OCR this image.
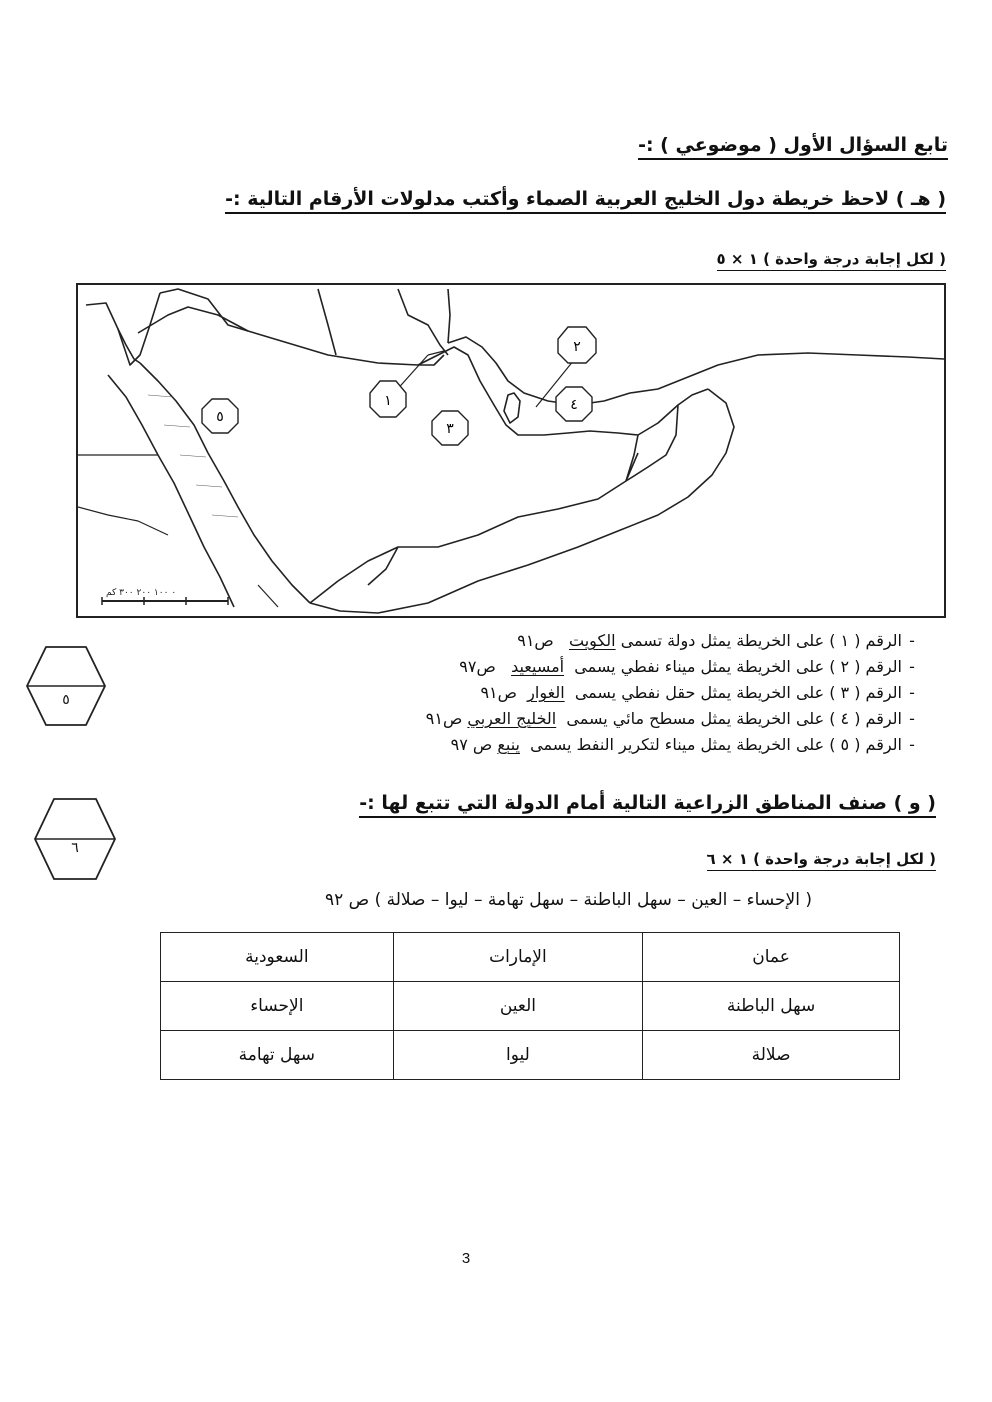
تابع السؤال الأول ( موضوعي ) :-
( هـ ) لاحظ خريطة دول الخليج العربية الصماء وأكتب مدلولات الأرقام التالية :-
( لكل إجابة درجة واحدة ) ١ × ٥
٠ ١٠٠ ٢٠٠ ٣٠٠ كم
١
٢
٣
٤
٥
٥
-الرقم ( ١ ) على الخريطة يمثل دولة تسمى الكويت   ص٩١
-الرقم ( ٢ ) على الخريطة يمثل ميناء نفطي يسمى  أمسيعيد   ص٩٧
-الرقم ( ٣ ) على الخريطة يمثل حقل نفطي يسمى  الغوار  ص٩١
-الرقم ( ٤ ) على الخريطة يمثل مسطح مائي يسمى  الخليج العربي ص٩١
-الرقم ( ٥ ) على الخريطة يمثل ميناء لتكرير النفط يسمى  ينبع ص ٩٧
( و ) صنف المناطق الزراعية التالية أمام الدولة التي تتبع لها :-
٦
( لكل إجابة درجة واحدة ) ١ × ٦
( الإحساء – العين – سهل الباطنة – سهل تهامة – ليوا – صلالة ) ص ٩٢
عمان	الإمارات	السعودية
سهل الباطنة	العين	الإحساء
صلالة	ليوا	سهل تهامة
3
